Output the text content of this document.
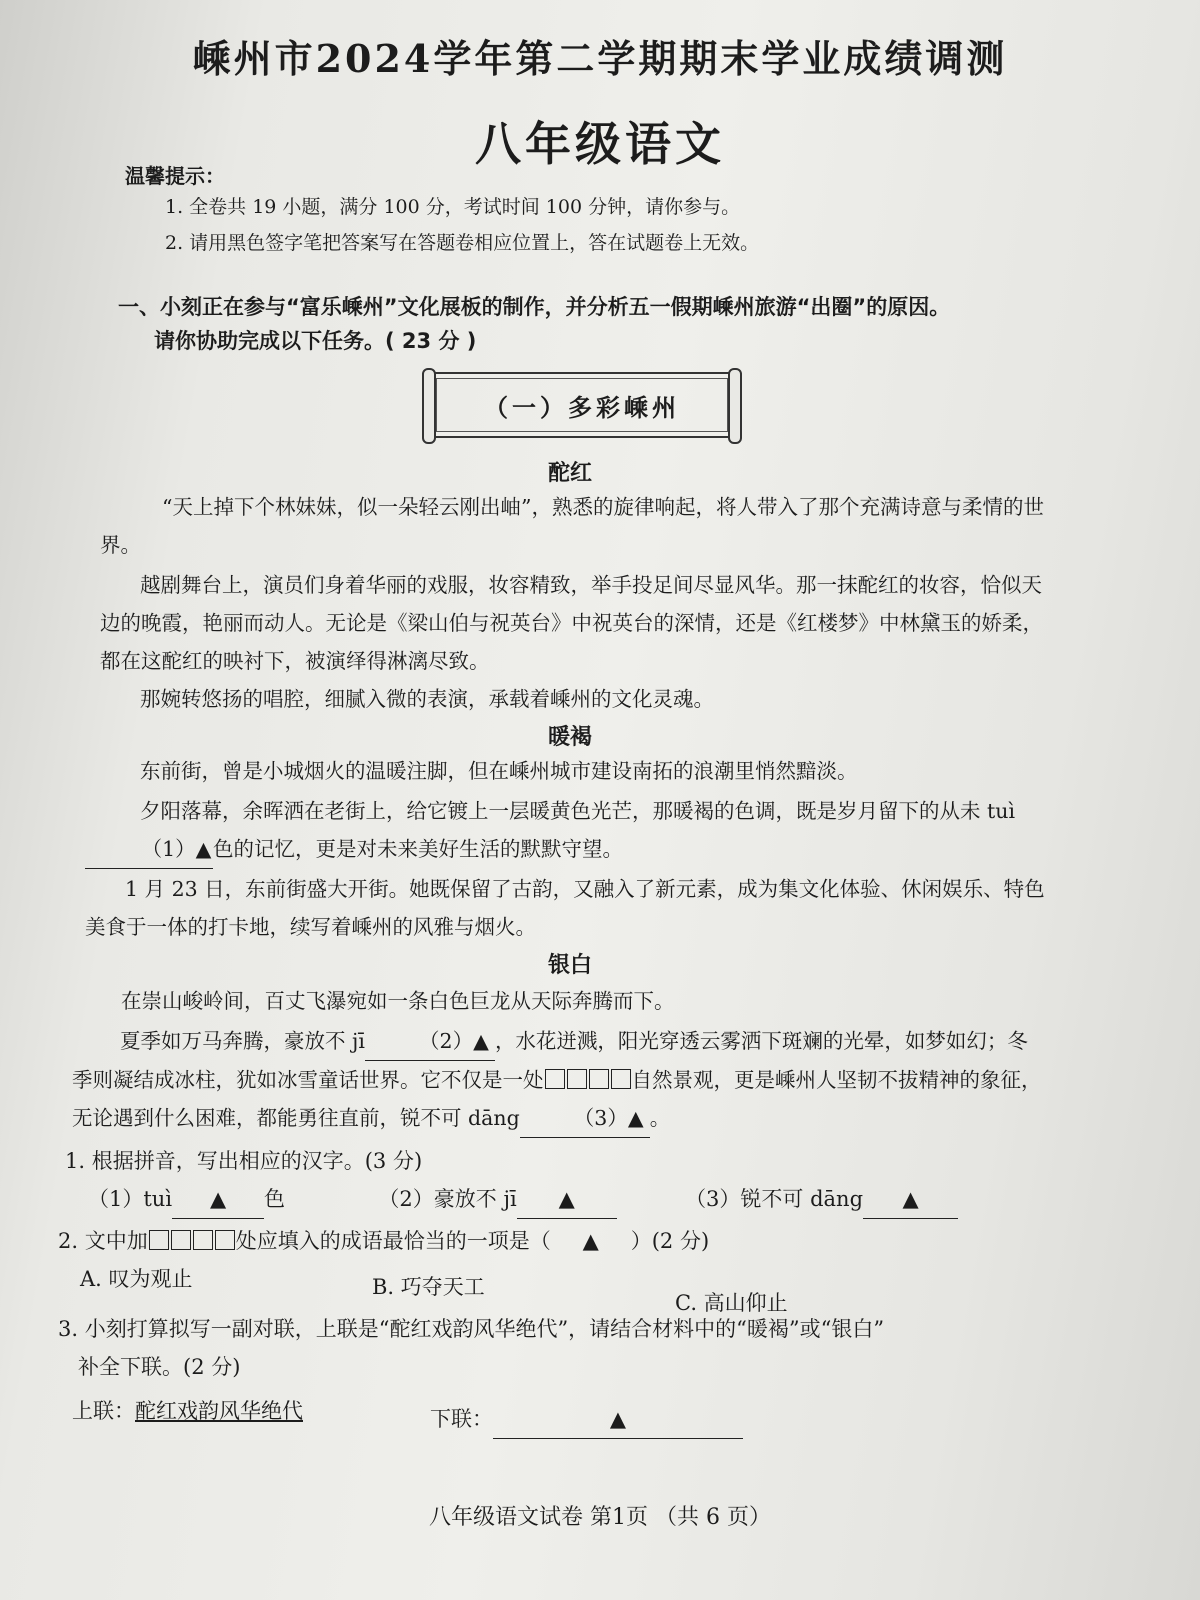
嵊州市2024学年第二学期期末学业成绩调测
八年级语文
温馨提示：
1. 全卷共 19 小题，满分 100 分，考试时间 100 分钟，请你参与。
2. 请用黑色签字笔把答案写在答题卷相应位置上，答在试题卷上无效。
一、小刻正在参与“富乐嵊州”文化展板的制作，并分析五一假期嵊州旅游“出圈”的原因。
请你协助完成以下任务。( 23 分 )
（一）多彩嵊州
酡红
“天上掉下个林妹妹，似一朵轻云刚出岫”，熟悉的旋律响起，将人带入了那个充满诗意与柔情的世界。
越剧舞台上，演员们身着华丽的戏服，妆容精致，举手投足间尽显风华。那一抹酡红的妆容，恰似天边的晚霞，艳丽而动人。无论是《梁山伯与祝英台》中祝英台的深情，还是《红楼梦》中林黛玉的娇柔，都在这酡红的映衬下，被演绎得淋漓尽致。
那婉转悠扬的唱腔，细腻入微的表演，承载着嵊州的文化灵魂。
暖褐
东前街，曾是小城烟火的温暖注脚，但在嵊州城市建设南拓的浪潮里悄然黯淡。
夕阳落幕，余晖洒在老街上，给它镀上一层暖黄色光芒，那暖褐的色调，既是岁月留下的从未 tuì（1）▲色的记忆，更是对未来美好生活的默默守望。
1 月 23 日，东前街盛大开街。她既保留了古韵，又融入了新元素，成为集文化体验、休闲娱乐、特色美食于一体的打卡地，续写着嵊州的风雅与烟火。
银白
在崇山峻岭间，百丈飞瀑宛如一条白色巨龙从天际奔腾而下。
夏季如万马奔腾，豪放不 jī	（2）▲ ，水花迸溅，阳光穿透云雾洒下斑斓的光晕，如梦如幻；冬季则凝结成冰柱，犹如冰雪童话世界。它不仅是一处	自然景观，更是嵊州人坚韧不拔精神的象征，无论遇到什么困难，都能勇往直前，锐不可 dāng	（3）▲ 。
1. 根据拼音，写出相应的汉字。(3 分)
（1）tuì ▲ 色	（2）豪放不 jī ▲	（3）锐不可 dāng ▲
2. 文中加	处应填入的成语最恰当的一项是（ ▲ ）(2 分)
A. 叹为观止	B. 巧夺天工
C. 高山仰止
3. 小刻打算拟写一副对联，上联是“酡红戏韵风华绝代”，请结合材料中的“暖褐”或“银白”
补全下联。(2 分)
上联：酡红戏韵风华绝代	下联：	▲
八年级语文试卷 第1页 （共 6 页）
